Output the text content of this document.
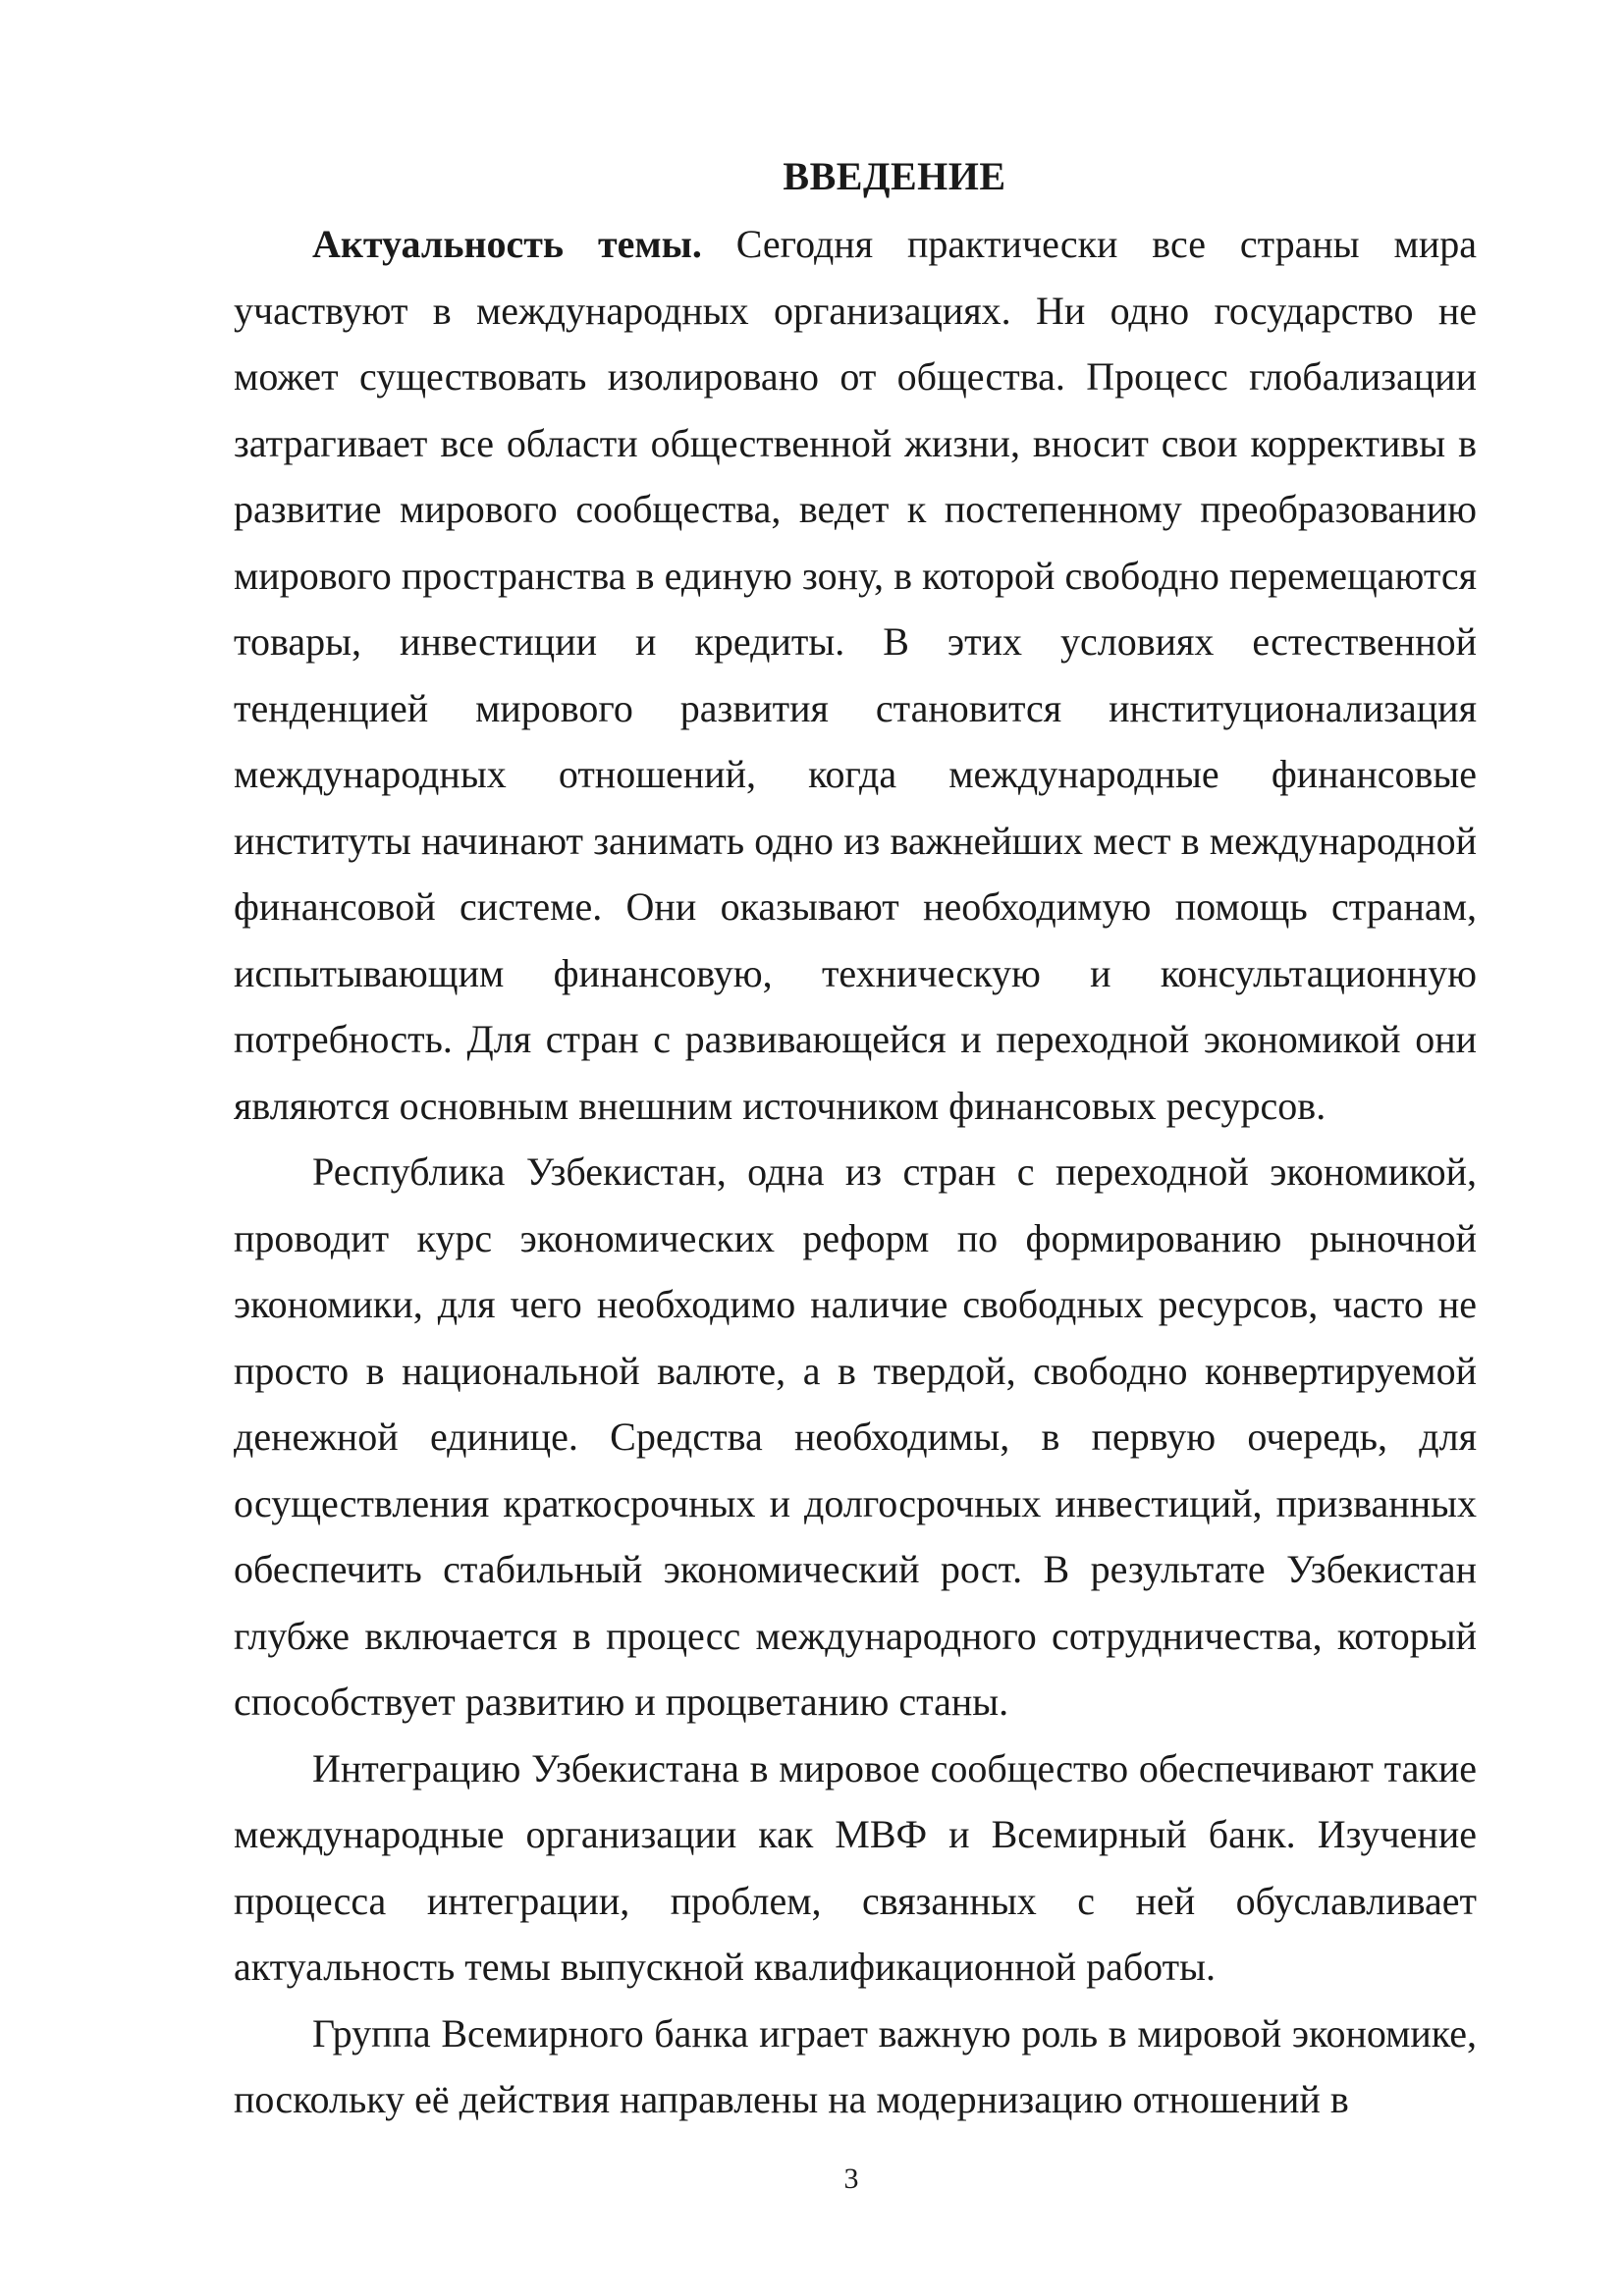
ВВЕДЕНИЕ

Актуальность темы. Сегодня практически все страны мира участвуют в международных организациях. Ни одно государство не может существовать изолировано от общества. Процесс глобализации затрагивает все области общественной жизни, вносит свои коррективы в развитие мирового сообщества, ведет к постепенному преобразованию мирового пространства в единую зону, в которой свободно перемещаются товары, инвестиции и кредиты. В этих условиях естественной тенденцией мирового развития становится институционализация международных отношений, когда международные финансовые институты начинают занимать одно из важнейших мест в международной финансовой системе. Они оказывают необходимую помощь странам, испытывающим финансовую, техническую и консультационную потребность. Для стран с развивающейся и переходной экономикой они являются основным внешним источником финансовых ресурсов.

Республика Узбекистан, одна из стран с переходной экономикой, проводит курс экономических реформ по формированию рыночной экономики, для чего необходимо наличие свободных ресурсов, часто не просто в национальной валюте, а в твердой, свободно конвертируемой денежной единице. Средства необходимы, в первую очередь, для осуществления краткосрочных и долгосрочных инвестиций, призванных обеспечить стабильный экономический рост. В результате Узбекистан глубже включается в процесс международного сотрудничества, который способствует развитию и процветанию станы.

Интеграцию Узбекистана в мировое сообщество обеспечивают такие международные организации как МВФ и Всемирный банк. Изучение процесса интеграции, проблем, связанных с ней обуславливает актуальность темы выпускной квалификационной работы.

Группа Всемирного банка играет важную роль в мировой экономике, поскольку её действия направлены на модернизацию отношений в

3
